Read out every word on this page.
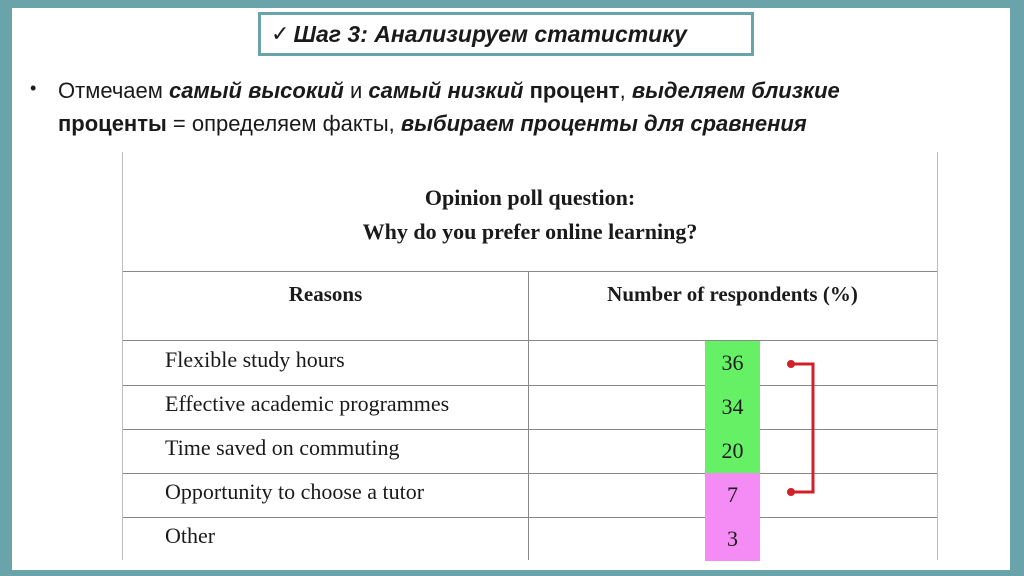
✓ Шаг 3: Анализируем статистику
• Отмечаем самый высокий и самый низкий процент, выделяем близкие
проценты = определяем факты, выбираем проценты для сравнения
Opinion poll question:
Why do you prefer online learning?
Reasons	Number of respondents (%)
Flexible study hours	36
Effective academic programmes	34
Time saved on commuting	20
Opportunity to choose a tutor	7
Other	3
